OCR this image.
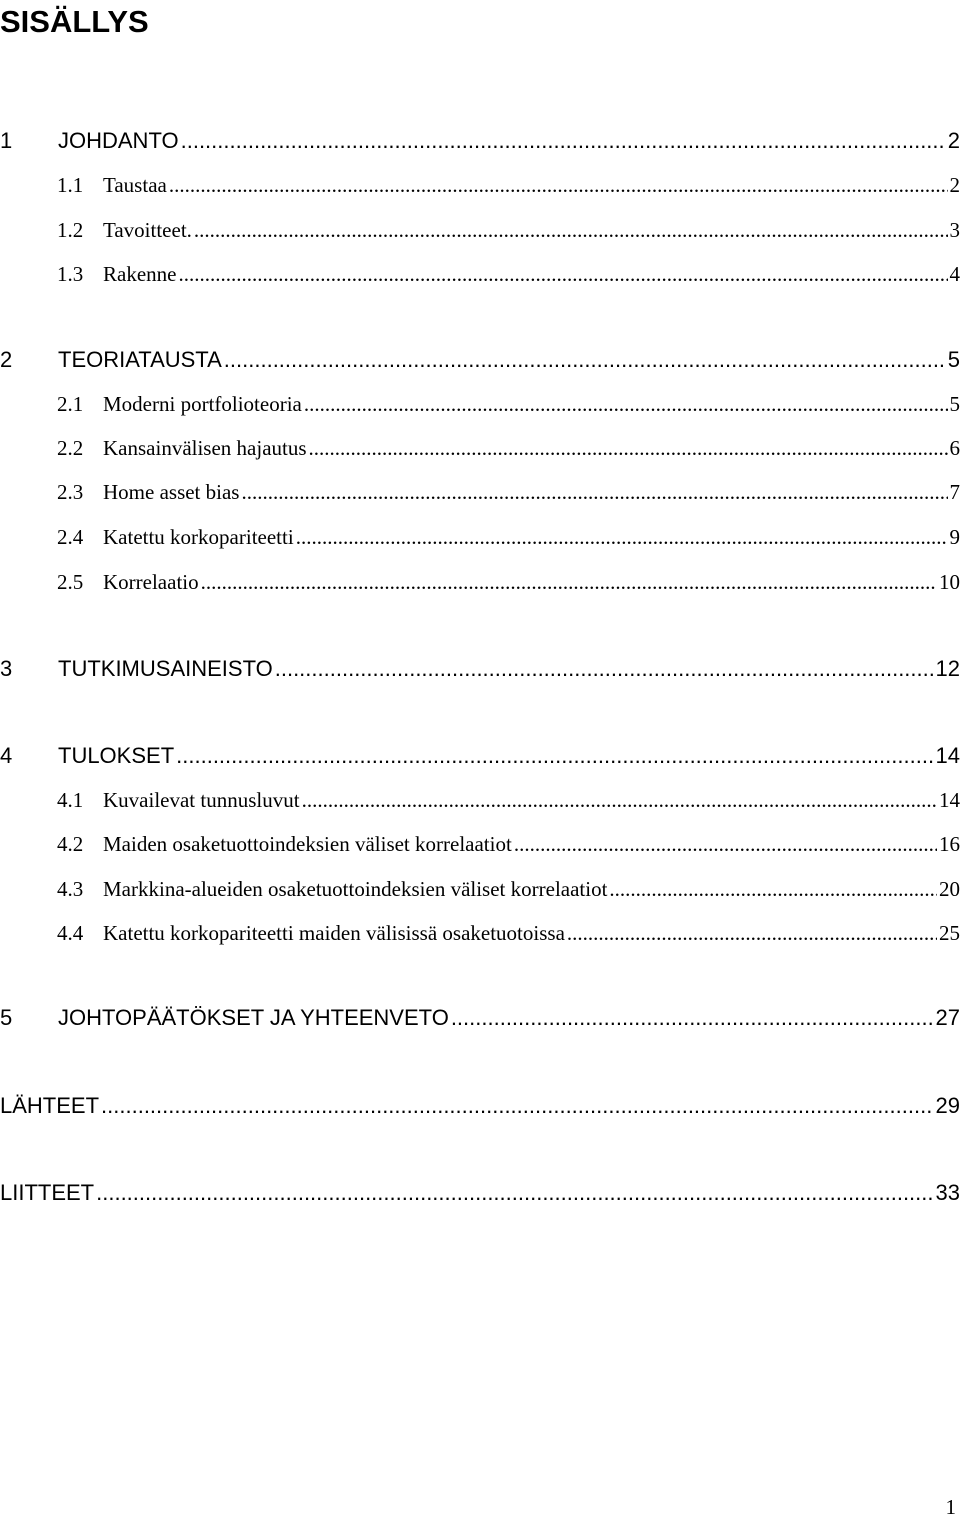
SISÄLLYS
1	JOHDANTO .....	2
1.1 Taustaa .....	2
1.2 Tavoitteet. .....	3
1.3 Rakenne .....	4
2	TEORIATAUSTA .....	5
2.1 Moderni portfolioteoria .....	5
2.2 Kansainvälisen hajautus .....	6
2.3 Home asset bias .....	7
2.4 Katettu korkopariteetti .....	9
2.5 Korrelaatio .....	10
3	TUTKIMUSAINEISTO .....	12
4	TULOKSET .....	14
4.1 Kuvailevat tunnusluvut .....	14
4.2 Maiden osaketuottoindeksien väliset korrelaatiot .....	16
4.3 Markkina-alueiden osaketuottoindeksien väliset korrelaatiot .....	20
4.4 Katettu korkopariteetti maiden välisissä osaketuotoissa .....	25
5	JOHTOPÄÄTÖKSET JA YHTEENVETO .....	27
LÄHTEET .....	29
LIITTEET .....	33
1
